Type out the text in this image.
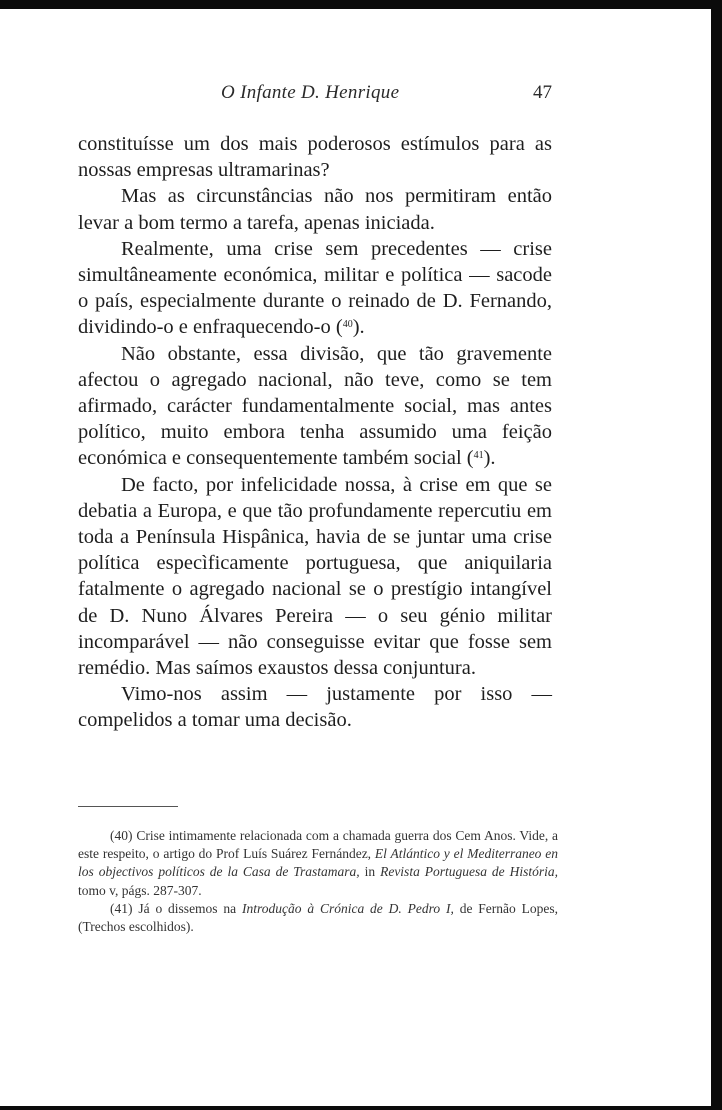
O Infante D. Henrique	47

constituísse um dos mais poderosos estímulos para as nossas empresas ultramarinas?

Mas as circunstâncias não nos permitiram então levar a bom termo a tarefa, apenas iniciada.

Realmente, uma crise sem precedentes — crise simultâneamente económica, militar e política — sacode o país, especialmente durante o reinado de D. Fernando, dividindo-o e enfraquecendo-o ($^{40}$).

Não obstante, essa divisão, que tão gravemente afectou o agregado nacional, não teve, como se tem afirmado, carácter fundamentalmente social, mas antes político, muito embora tenha assumido uma feição económica e consequentemente também social ($^{41}$).

De facto, por infelicidade nossa, à crise em que se debatia a Europa, e que tão profundamente repercutiu em toda a Península Hispânica, havia de se juntar uma crise política especìficamente portuguesa, que aniquilaria fatalmente o agregado nacional se o prestígio intangível de D. Nuno Álvares Pereira — o seu génio militar incomparável — não conseguisse evitar que fosse sem remédio. Mas saímos exaustos dessa conjuntura.

Vimo-nos assim — justamente por isso — compelidos a tomar uma decisão.

(40) Crise intimamente relacionada com a chamada guerra dos Cem Anos. Vide, a este respeito, o artigo do Prof Luís Suárez Fernández, El Atlántico y el Mediterraneo en los objectivos políticos de la Casa de Trastamara, in Revista Portuguesa de História, tomo v, págs. 287-307.

(41) Já o dissemos na Introdução à Crónica de D. Pedro I, de Fernão Lopes, (Trechos escolhidos).
